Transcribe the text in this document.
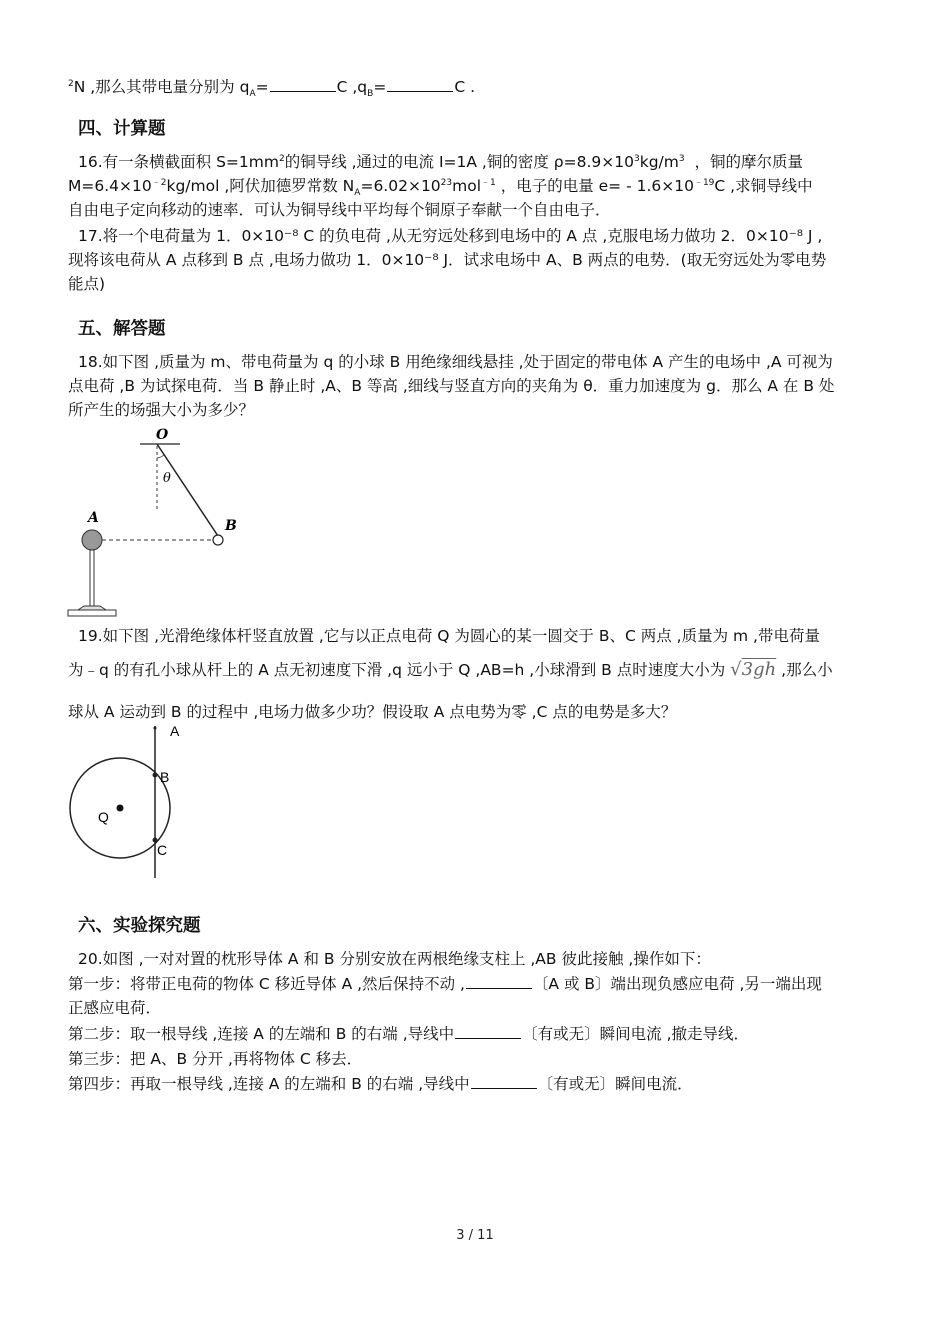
$^2$N ,那么其带电量分别为 $q_A=$	C $,q_B=$	C .
四、计算题
16.有一条横截面积 $S=1mm^2$的铜导线 ,通过的电流 I=1A ,铜的密度 $\rho=8.9\times 10^3kg/m^3$ ，铜的摩尔质量
$M=6.4\times 10^{﹣2}kg$/mol ,阿伏加德罗常数 $N_A=6.02\times 10^{23}mol^{﹣1}$ ，电子的电量 $e= - 1.6\times 10^{﹣19}C$ ,求铜导线中
自由电子定向移动的速率．可认为铜导线中平均每个铜原子奉献一个自由电子．
17.将一个电荷量为 1．0×10⁻⁸ C 的负电荷 ,从无穷远处移到电场中的 A 点 ,克服电场力做功 2．0×10⁻⁸ J ,
现将该电荷从 A 点移到 B 点 ,电场力做功 1．0×10⁻⁸ J．试求电场中 A、B 两点的电势．(取无穷远处为零电势
能点)
五、解答题
18.如下图 ,质量为 m、带电荷量为 q 的小球 B 用绝缘细线悬挂 ,处于固定的带电体 A 产生的电场中 ,A 可视为
点电荷 ,B 为试探电荷．当 B 静止时 ,A、B 等高 ,细线与竖直方向的夹角为 θ．重力加速度为 g．那么 A 在 B 处
所产生的场强大小为多少？
O
θ
B
A
19.如下图 ,光滑绝缘体杆竖直放置 ,它与以正点电荷 Q 为圆心的某一圆交于 B、C 两点 ,质量为 m ,带电荷量
为﹣q 的有孔小球从杆上的 A 点无初速度下滑 ,q 远小于 Q ,AB=h ,小球滑到 B 点时速度大小为 √3gh ,那么小
球从 A 运动到 B 的过程中 ,电场力做多少功？假设取 A 点电势为零 ,C 点的电势是多大？
A
B
C
Q
六、实验探究题
20.如图 ,一对对置的枕形导体 A 和 B 分别安放在两根绝缘支柱上 ,AB 彼此接触 ,操作如下：
第一步：将带正电荷的物体 C 移近导体 A ,然后保持不动 ,	〔A 或 B〕端出现负感应电荷 ,另一端出现
正感应电荷．
第二步：取一根导线 ,连接 A 的左端和 B 的右端 ,导线中	〔有或无〕瞬间电流 ,撤走导线．
第三步：把 A、B 分开 ,再将物体 C 移去．
第四步：再取一根导线 ,连接 A 的左端和 B 的右端 ,导线中	〔有或无〕瞬间电流．
3 / 11
